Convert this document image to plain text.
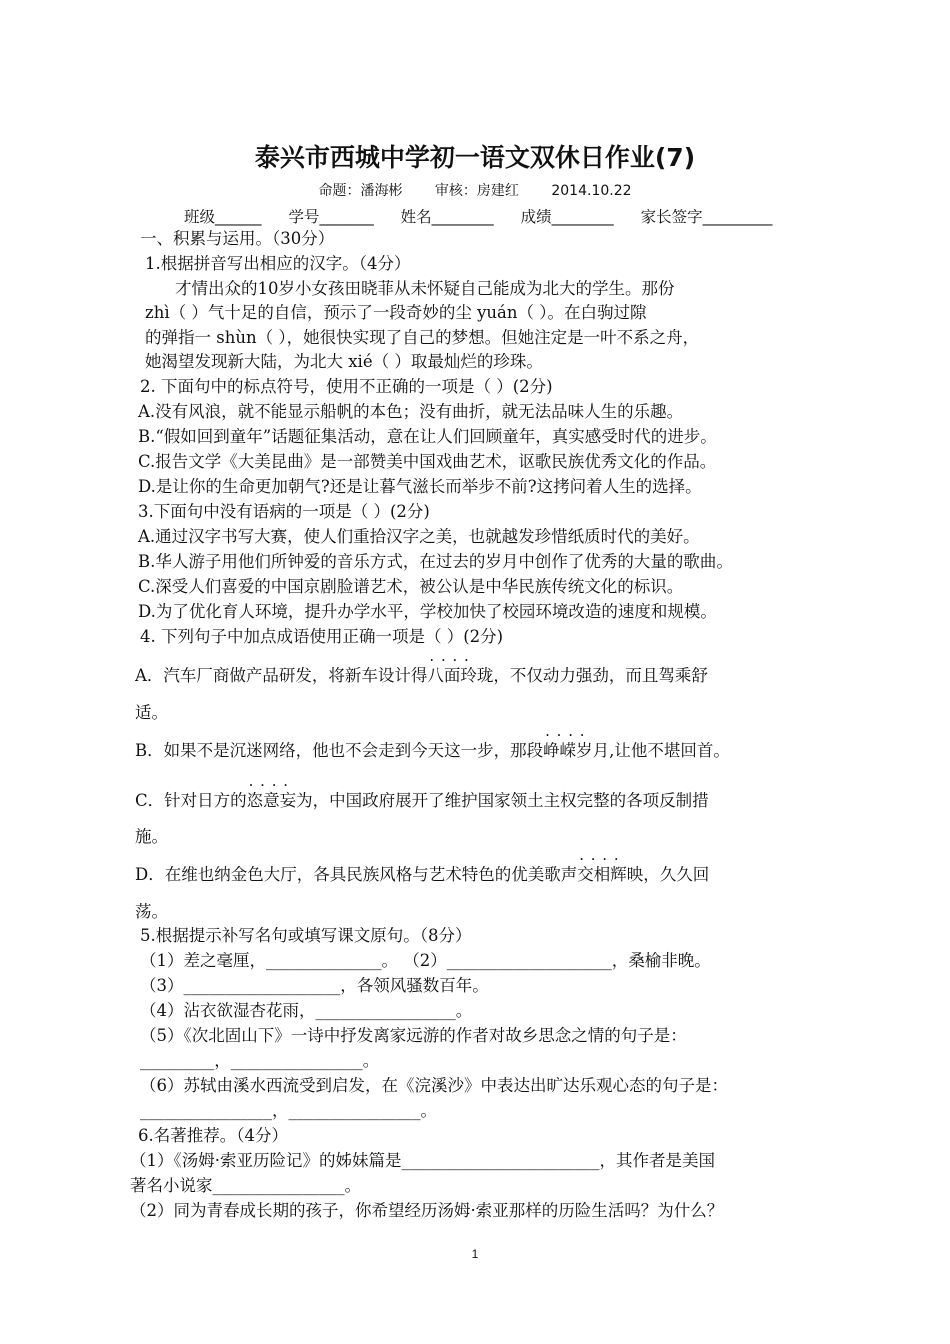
泰兴市西城中学初一语文双休日作业(7)
命题：潘海彬 审核：房建红 2014.10.22
班级______ 学号_______ 姓名________ 成绩________ 家长签字_________
一、积累与运用。（30分）
1.根据拼音写出相应的汉字。（4分）
才情出众的10岁小女孩田晓菲从未怀疑自己能成为北大的学生。那份
zhì（ ）气十足的自信，预示了一段奇妙的尘 yuán（ ）。在白驹过隙
的弹指一 shùn（ ），她很快实现了自己的梦想。但她注定是一叶不系之舟，
她渴望发现新大陆，为北大 xié（ ）取最灿烂的珍珠。
2. 下面句中的标点符号，使用不正确的一项是（ ）(2分)
A.没有风浪，就不能显示船帆的本色；没有曲折，就无法品味人生的乐趣。
B.“假如回到童年”话题征集活动，意在让人们回顾童年，真实感受时代的进步。
C.报告文学《大美昆曲》是一部赞美中国戏曲艺术，讴歌民族优秀文化的作品。
D.是让你的生命更加朝气?还是让暮气滋长而举步不前?这拷问着人生的选择。
3.下面句中没有语病的一项是（ ）(2分)
A.通过汉字书写大赛，使人们重拾汉字之美，也就越发珍惜纸质时代的美好。
B.华人游子用他们所钟爱的音乐方式，在过去的岁月中创作了优秀的大量的歌曲。
C.深受人们喜爱的中国京剧脸谱艺术，被公认是中华民族传统文化的标识。
D.为了优化育人环境，提升办学水平，学校加快了校园环境改造的速度和规模。
4. 下列句子中加点成语使用正确一项是（ ）(2分)
A．汽车厂商做产品研发，将新车设计得· · 八面玲珑，不仅动力强劲，而且驾乘舒
适。
B．如果不是沉迷网络，他也不会走到今天这一步，那段· · 峥嵘岁月,让他不堪回首。
C．针对日方的· · 恣意妄为，中国政府展开了维护国家领土主权完整的各项反制措
施。
D．在维也纳金色大厅，各具民族风格与艺术特色的优美歌声· · 交相辉映，久久回
荡。
5.根据提示补写名句或填写课文原句。（8分）
（1）差之毫厘，______________。 （2）____________________，桑榆非晚。
（3）___________________，各领风骚数百年。
（4）沾衣欲湿杏花雨，_________________。
（5）《次北固山下》一诗中抒发离家远游的作者对故乡思念之情的句子是：
_________，________________。
（6）苏轼由溪水西流受到启发，在《浣溪沙》中表达出旷达乐观心态的句子是：
________________，________________。
6.名著推荐。（4分）
（1）《汤姆·索亚历险记》的姊妹篇是________________________，其作者是美国
著名小说家________________。
（2）同为青春成长期的孩子，你希望经历汤姆·索亚那样的历险生活吗？为什么？
1
